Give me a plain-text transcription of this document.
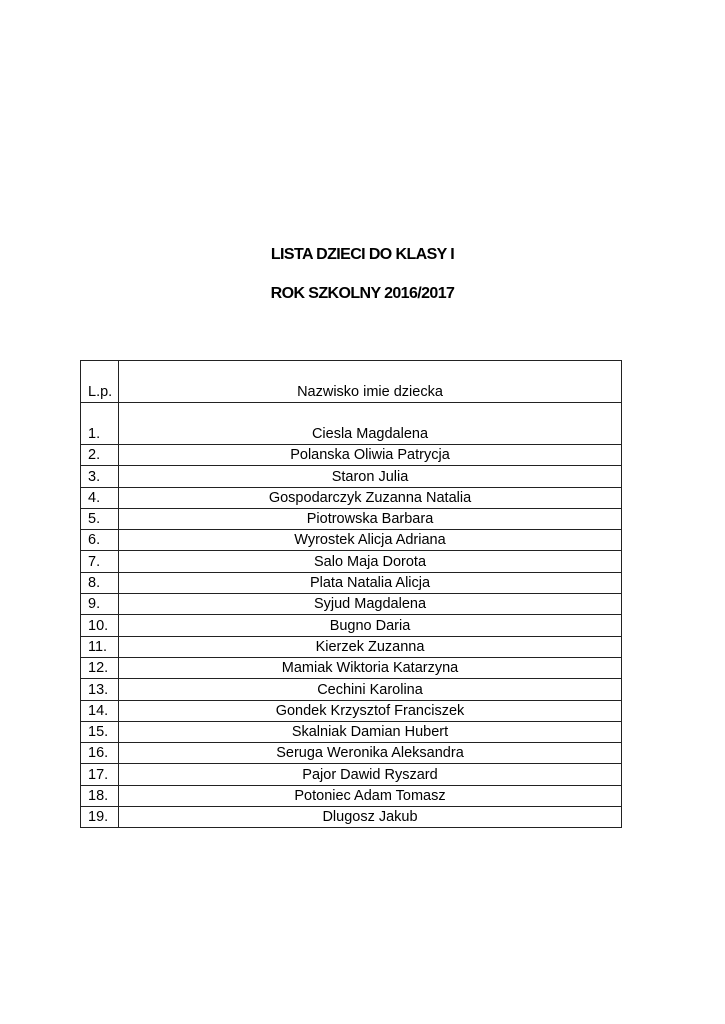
LISTA DZIECI DO KLASY I
ROK SZKOLNY 2016/2017
L.p.	Nazwisko imie dziecka
1.	Ciesla Magdalena
2.	Polanska Oliwia Patrycja
3.	Staron Julia
4.	Gospodarczyk Zuzanna Natalia
5.	Piotrowska Barbara
6.	Wyrostek Alicja Adriana
7.	Salo Maja Dorota
8.	Plata Natalia Alicja
9.	Syjud Magdalena
10.	Bugno Daria
11.	Kierzek Zuzanna
12.	Mamiak Wiktoria Katarzyna
13.	Cechini Karolina
14.	Gondek Krzysztof Franciszek
15.	Skalniak Damian Hubert
16.	Seruga Weronika Aleksandra
17.	Pajor Dawid Ryszard
18.	Potoniec Adam Tomasz
19.	Dlugosz Jakub
